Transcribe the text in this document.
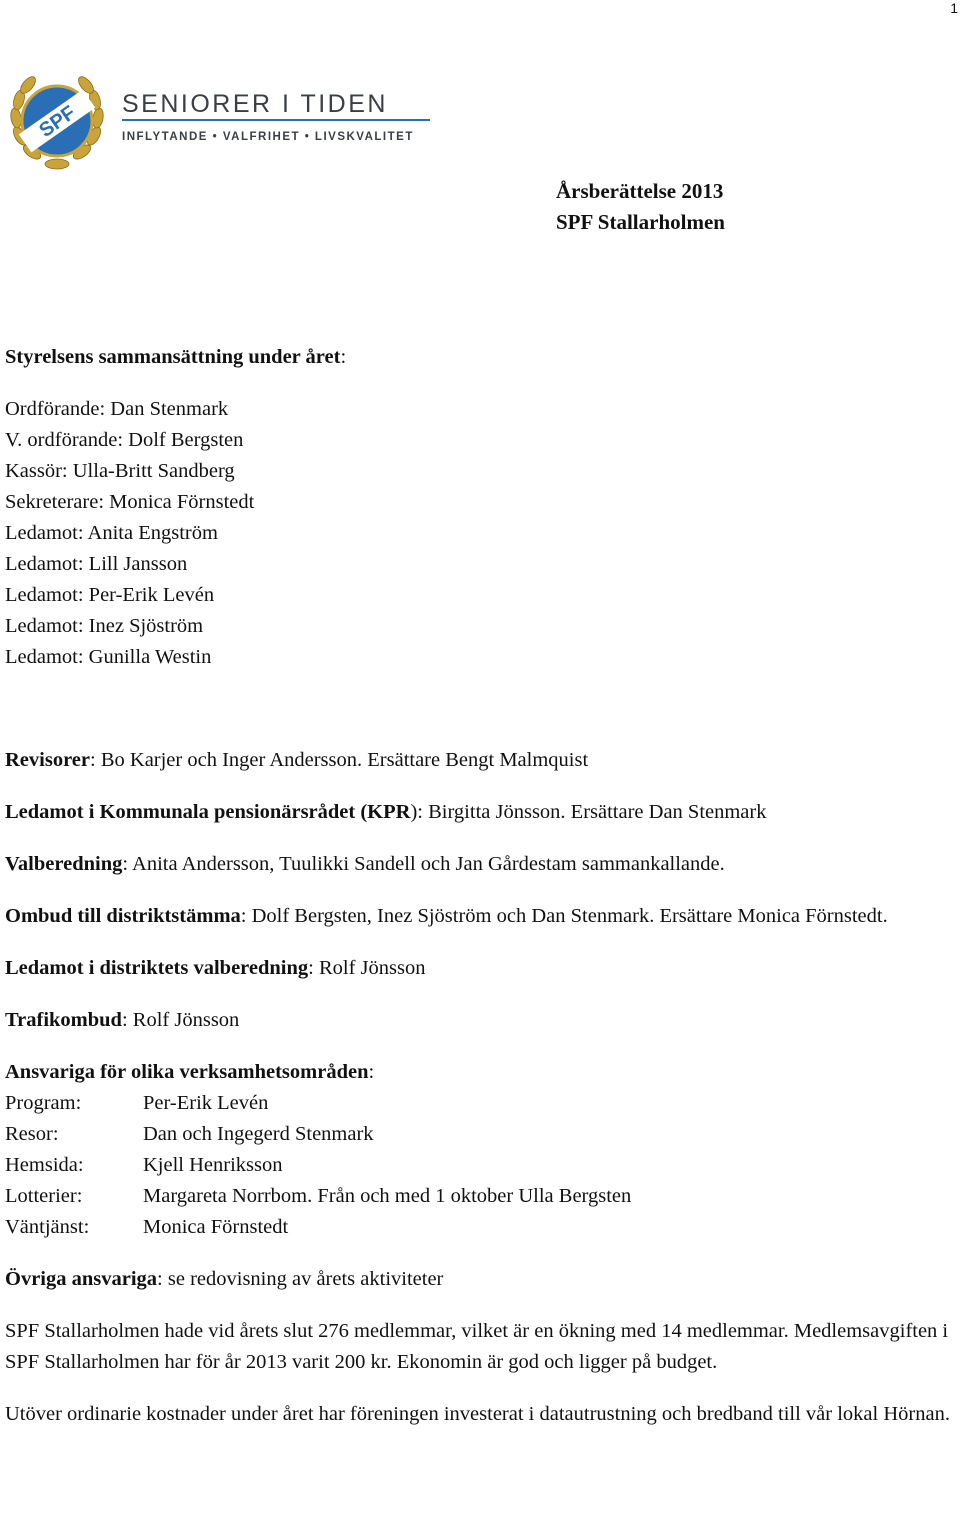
1
SPF SENIORER I TIDEN
INFLYTANDE • VALFRIHET • LIVSKVALITET
Årsberättelse 2013
SPF Stallarholmen

Styrelsens sammansättning under året:

Ordförande: Dan Stenmark

V. ordförande: Dolf Bergsten

Kassör: Ulla-Britt Sandberg

Sekreterare: Monica Förnstedt

Ledamot: Anita Engström

Ledamot: Lill Jansson

Ledamot: Per-Erik Levén

Ledamot: Inez Sjöström

Ledamot: Gunilla Westin

Revisorer: Bo Karjer och Inger Andersson. Ersättare Bengt Malmquist

Ledamot i Kommunala pensionärsrådet (KPR): Birgitta Jönsson. Ersättare Dan Stenmark

Valberedning: Anita Andersson, Tuulikki Sandell och Jan Gårdestam sammankallande.

Ombud till distriktstämma: Dolf Bergsten, Inez Sjöström och Dan Stenmark. Ersättare Monica Förnstedt.

Ledamot i distriktets valberedning: Rolf Jönsson

Trafikombud: Rolf Jönsson

Ansvariga för olika verksamhetsområden:

Program:	Per-Erik Levén
Resor:	Dan och Ingegerd Stenmark
Hemsida:	Kjell Henriksson
Lotterier:	Margareta Norrbom. Från och med 1 oktober Ulla Bergsten
Väntjänst:	Monica Förnstedt

Övriga ansvariga: se redovisning av årets aktiviteter

SPF Stallarholmen hade vid årets slut 276 medlemmar, vilket är en ökning med 14 medlemmar. Medlemsavgiften i SPF Stallarholmen har för år 2013 varit 200 kr. Ekonomin är god och ligger på budget.

Utöver ordinarie kostnader under året har föreningen investerat i datautrustning och bredband till vår lokal Hörnan.
